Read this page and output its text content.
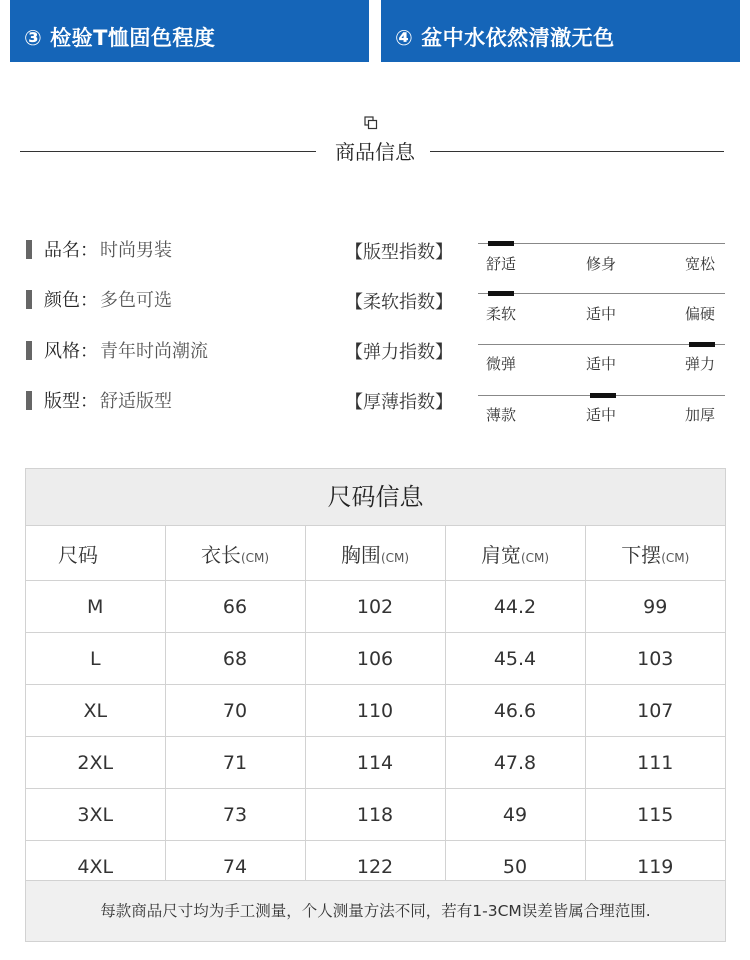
③ 检验T恤固色程度	④ 盆中水依然清澈无色
商品信息
品名： 时尚男装
颜色： 多色可选
风格： 青年时尚潮流
版型： 舒适版型
【版型指数】
舒适	修身	宽松
【柔软指数】
柔软	适中	偏硬
【弹力指数】
微弹	适中	弹力
【厚薄指数】
薄款	适中	加厚
尺码信息
尺码	衣长(CM)	胸围(CM)	肩宽(CM)	下摆(CM)
M	66	102	44.2	99
L	68	106	45.4	103
XL	70	110	46.6	107
2XL	71	114	47.8	111
3XL	73	118	49	115
4XL	74	122	50	119
每款商品尺寸均为手工测量，个人测量方法不同，若有1-3CM误差皆属合理范围.
